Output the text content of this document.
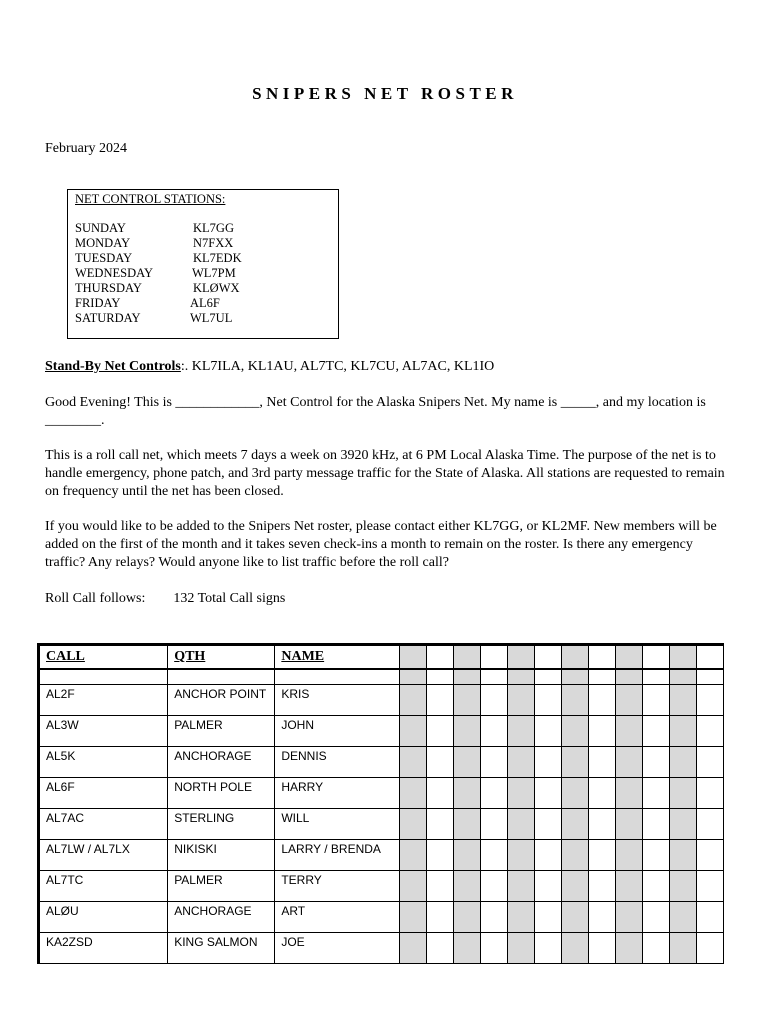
SNIPERS NET ROSTER
February 2024
NET CONTROL STATIONS:
SUNDAY	KL7GG
MONDAY	N7FXX
TUESDAY	KL7EDK
WEDNESDAY	WL7PM
THURSDAY	KLØWX
FRIDAY	AL6F
SATURDAY	WL7UL
Stand-By Net Controls:. KL7ILA, KL1AU, AL7TC, KL7CU, AL7AC, KL1IO
Good Evening! This is ____________, Net Control for the Alaska Snipers Net. My name is _____, and my location is ________.
This is a roll call net, which meets 7 days a week on 3920 kHz, at 6 PM Local Alaska Time. The purpose of the net is to handle emergency, phone patch, and 3rd party message traffic for the State of Alaska. All stations are requested to remain on frequency until the net has been closed.
If you would like to be added to the Snipers Net roster, please contact either KL7GG, or KL2MF. New members will be added on the first of the month and it takes seven check-ins a month to remain on the roster. Is there any emergency traffic? Any relays? Would anyone like to list traffic before the roll call?
Roll Call follows: 132 Total Call signs
CALL	QTH	NAME												

AL2F	ANCHOR POINT	KRIS												
AL3W	PALMER	JOHN												
AL5K	ANCHORAGE	DENNIS												
AL6F	NORTH POLE	HARRY												
AL7AC	STERLING	WILL												
AL7LW / AL7LX	NIKISKI	LARRY / BRENDA												
AL7TC	PALMER	TERRY												
ALØU	ANCHORAGE	ART												
KA2ZSD	KING SALMON	JOE												
